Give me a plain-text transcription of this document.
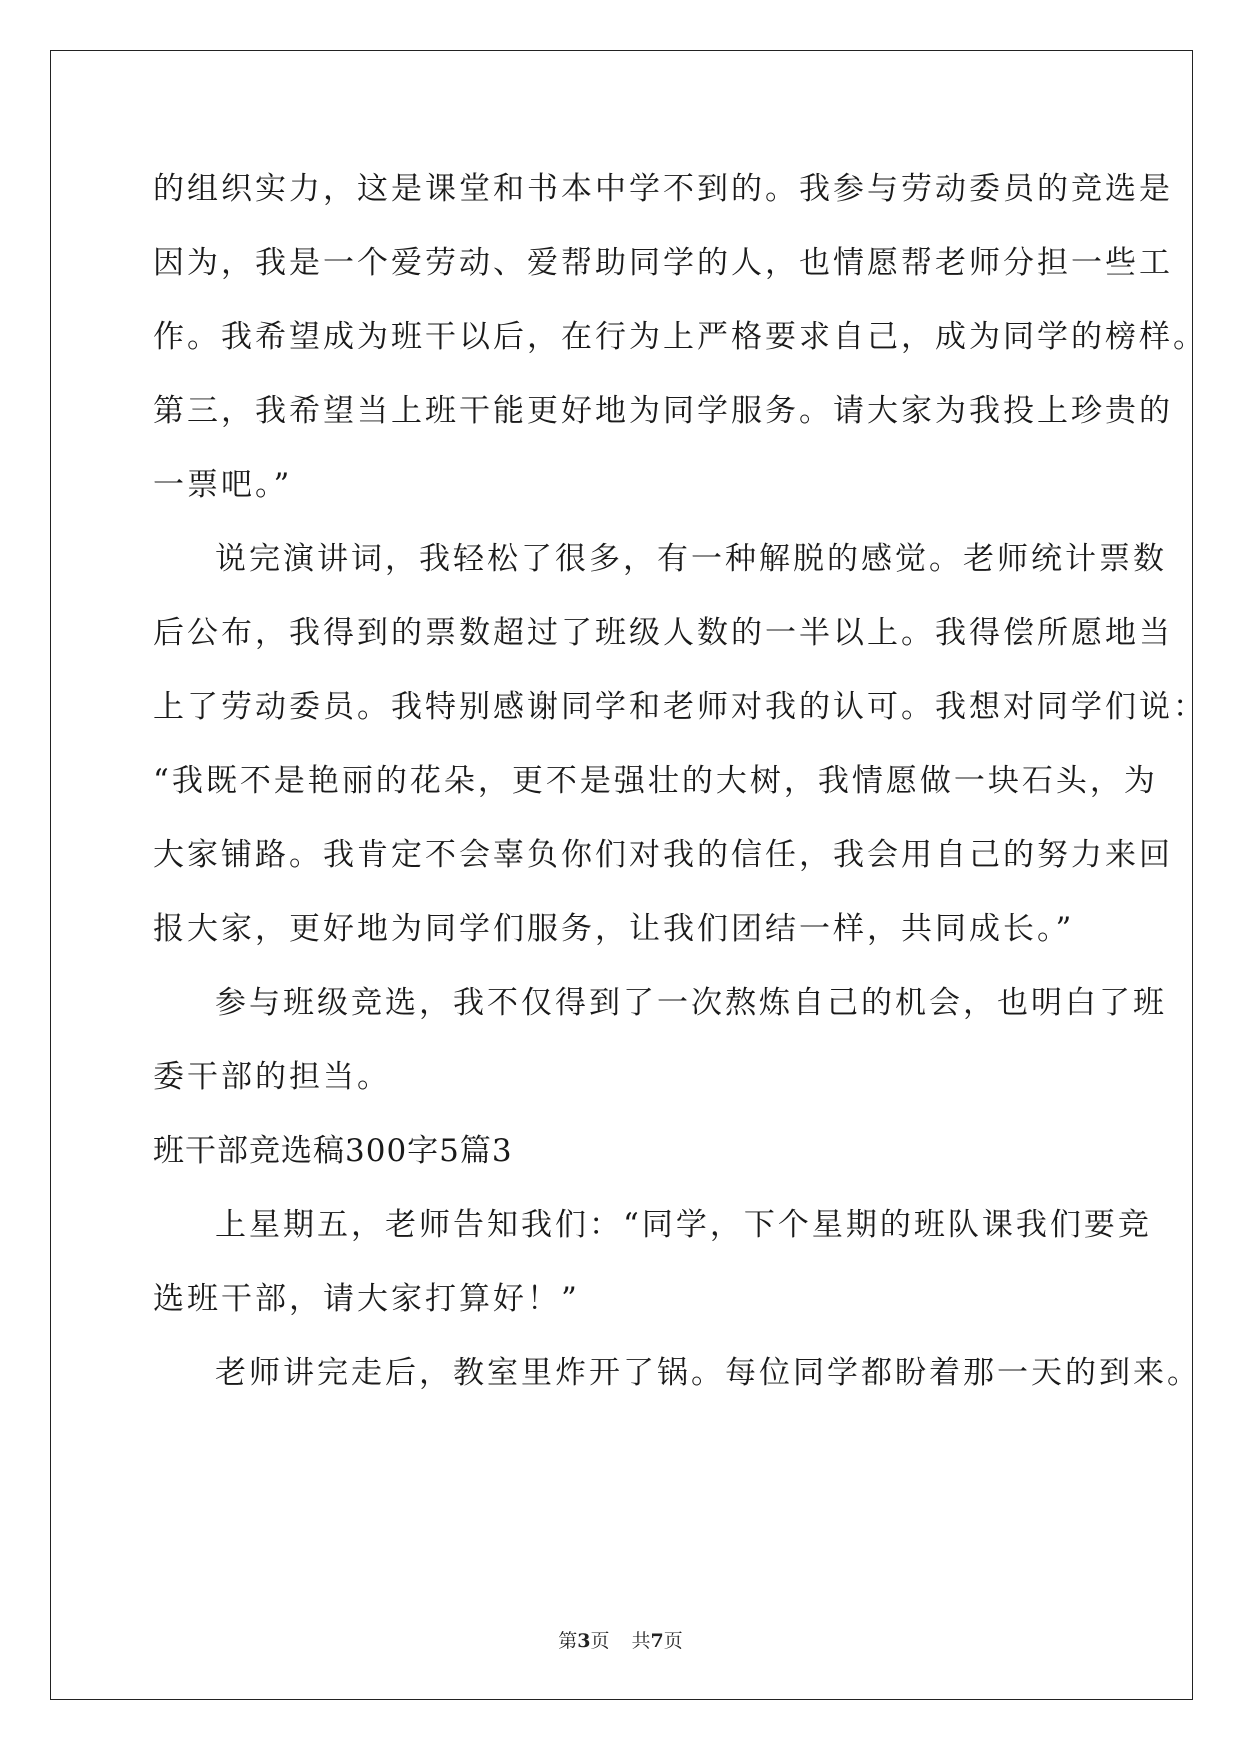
的组织实力，这是课堂和书本中学不到的。我参与劳动委员的竞选是
因为，我是一个爱劳动、爱帮助同学的人，也情愿帮老师分担一些工
作。我希望成为班干以后，在行为上严格要求自己，成为同学的榜样。
第三，我希望当上班干能更好地为同学服务。请大家为我投上珍贵的
一票吧。”
说完演讲词，我轻松了很多，有一种解脱的感觉。老师统计票数
后公布，我得到的票数超过了班级人数的一半以上。我得偿所愿地当
上了劳动委员。我特别感谢同学和老师对我的认可。我想对同学们说：
“我既不是艳丽的花朵，更不是强壮的大树，我情愿做一块石头，为
大家铺路。我肯定不会辜负你们对我的信任，我会用自己的努力来回
报大家，更好地为同学们服务，让我们团结一样，共同成长。”
参与班级竞选，我不仅得到了一次熬炼自己的机会，也明白了班
委干部的担当。
班干部竞选稿300字5篇3
上星期五，老师告知我们：“同学，下个星期的班队课我们要竞
选班干部，请大家打算好！”
老师讲完走后，教室里炸开了锅。每位同学都盼着那一天的到来。
第3页 共7页
